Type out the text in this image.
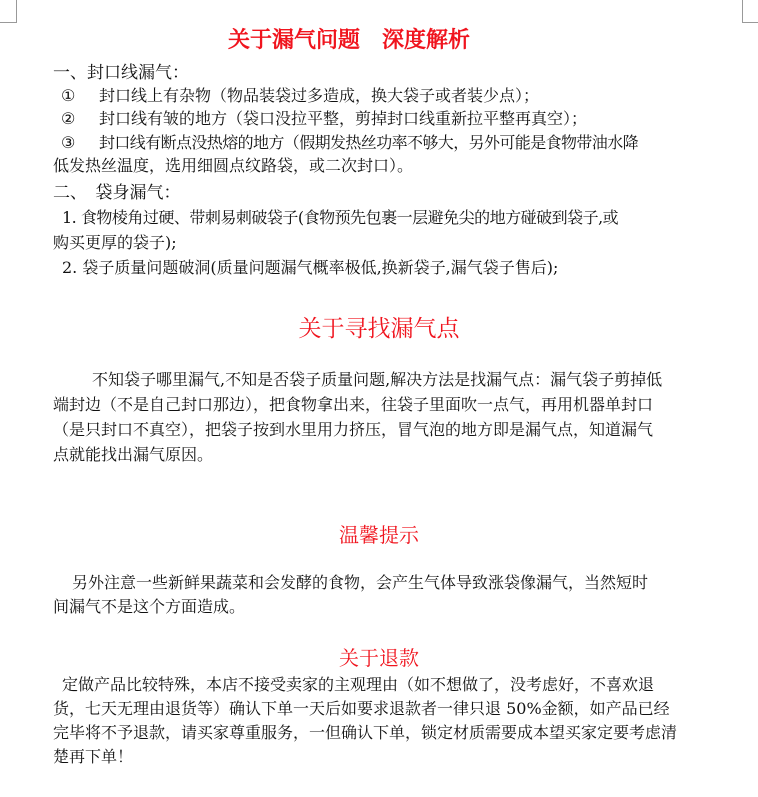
关于漏气问题　深度解析
一、封口线漏气：
① 封口线上有杂物（物品装袋过多造成，换大袋子或者装少点）；
② 封口线有皱的地方（袋口没拉平整，剪掉封口线重新拉平整再真空）；
③ 封口线有断点没热熔的地方（假期发热丝功率不够大，另外可能是食物带油水降
低发热丝温度，选用细圆点纹路袋，或二次封口）。
二、　袋身漏气：
1. 食物棱角过硬、带刺易刺破袋子(食物预先包裹一层避免尖的地方碰破到袋子,或
购买更厚的袋子);
2. 袋子质量问题破洞(质量问题漏气概率极低,换新袋子,漏气袋子售后);
关于寻找漏气点
不知袋子哪里漏气,不知是否袋子质量问题,解决方法是找漏气点：漏气袋子剪掉低
端封边（不是自己封口那边），把食物拿出来，往袋子里面吹一点气，再用机器单封口
（是只封口不真空），把袋子按到水里用力挤压，冒气泡的地方即是漏气点，知道漏气
点就能找出漏气原因。
温馨提示
另外注意一些新鲜果蔬菜和会发酵的食物，会产生气体导致涨袋像漏气，当然短时
间漏气不是这个方面造成。
关于退款
定做产品比较特殊，本店不接受卖家的主观理由（如不想做了，没考虑好，不喜欢退
货，七天无理由退货等）确认下单一天后如要求退款者一律只退 50%金额，如产品已经
完毕将不予退款，请买家尊重服务，一但确认下单，锁定材质需要成本望买家定要考虑清
楚再下单！
